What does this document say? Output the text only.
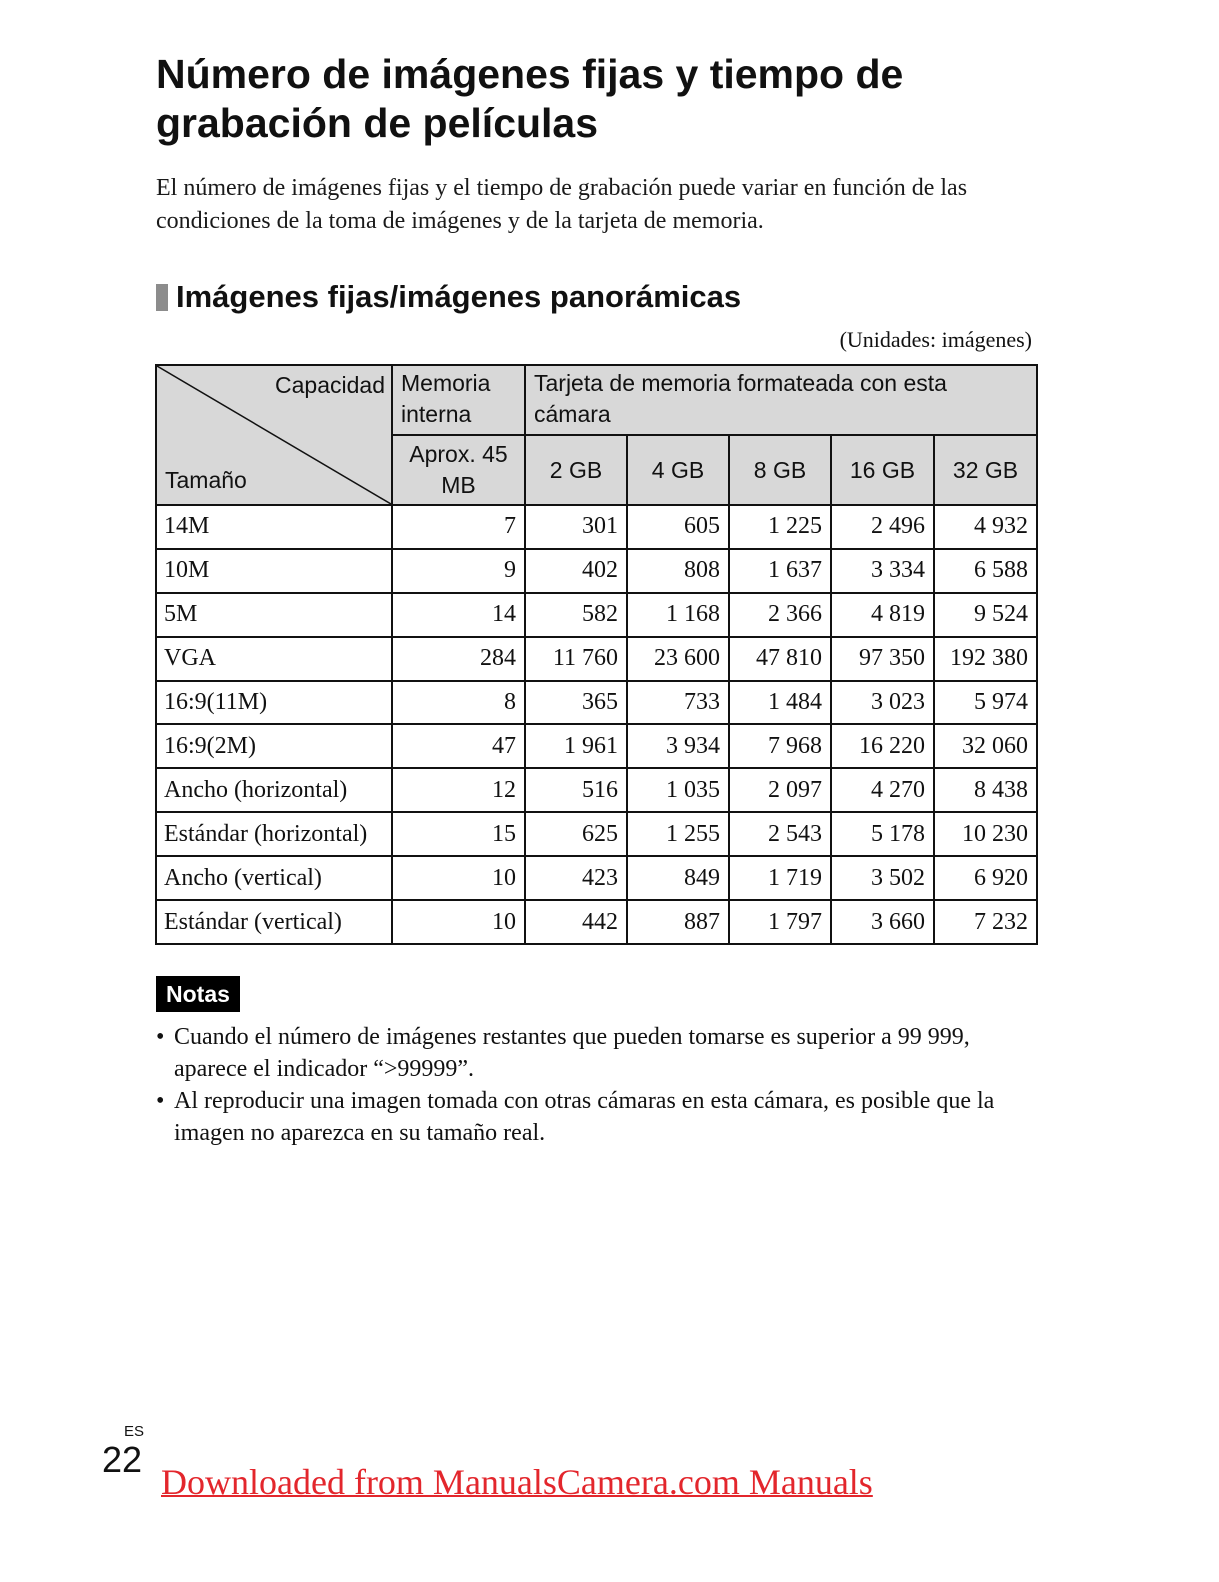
Número de imágenes fijas y tiempo de grabación de películas

El número de imágenes fijas y el tiempo de grabación puede variar en función de las condiciones de la toma de imágenes y de la tarjeta de memoria.

Imágenes fijas/imágenes panorámicas

(Unidades: imágenes)

Capacidad
Tamaño	Memoria interna	Tarjeta de memoria formateada con esta cámara				
	Aprox. 45 MB	2 GB	4 GB	8 GB	16 GB	32 GB
14M	7	301	605	1 225	2 496	4 932
10M	9	402	808	1 637	3 334	6 588
5M	14	582	1 168	2 366	4 819	9 524
VGA	284	11 760	23 600	47 810	97 350	192 380
16:9(11M)	8	365	733	1 484	3 023	5 974
16:9(2M)	47	1 961	3 934	7 968	16 220	32 060
Ancho (horizontal)	12	516	1 035	2 097	4 270	8 438
Estándar (horizontal)	15	625	1 255	2 543	5 178	10 230
Ancho (vertical)	10	423	849	1 719	3 502	6 920
Estándar (vertical)	10	442	887	1 797	3 660	7 232
Notas
• Cuando el número de imágenes restantes que pueden tomarse es superior a 99 999, aparece el indicador “>99999”.
• Al reproducir una imagen tomada con otras cámaras en esta cámara, es posible que la imagen no aparezca en su tamaño real.
ES
22
Downloaded from ManualsCamera.com Manuals
